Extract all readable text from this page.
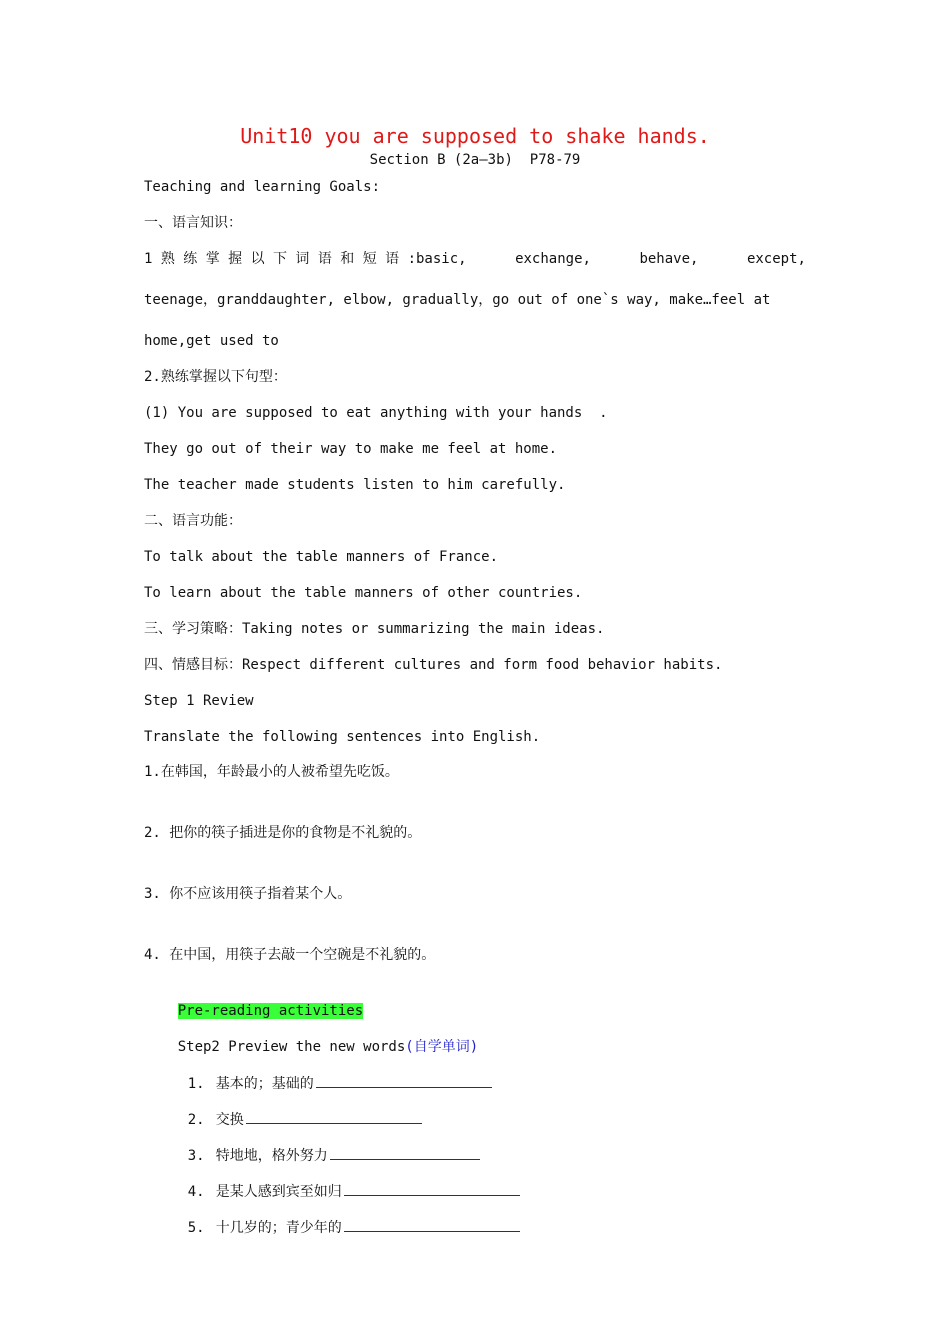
Unit10 you are supposed to shake hands.
Section B (2a—3b)  P78-79
Teaching and learning Goals:
一、语言知识：
1 熟 练 掌 握 以 下 词 语 和 短 语 :basic,	exchange,	behave,	except,
teenage，granddaughter, elbow, gradually，go out of one`s way, make…feel at
home,get used to
2.熟练掌握以下句型：
(1) You are supposed to eat anything with your hands  .
They go out of their way to make me feel at home.
The teacher made students listen to him carefully.
二、语言功能：
To talk about the table manners of France.
To learn about the table manners of other countries.
三、学习策略：Taking notes or summarizing the main ideas.
四、情感目标：Respect different cultures and form food behavior habits.
Step 1 Review
Translate the following sentences into English.
1.在韩国，年龄最小的人被希望先吃饭。
2. 把你的筷子插进是你的食物是不礼貌的。
3. 你不应该用筷子指着某个人。
4. 在中国，用筷子去敲一个空碗是不礼貌的。

Pre-reading activities

Step2 Preview the new words(自学单词)

1. 基本的；基础的

2. 交换

3. 特地地，格外努力

4. 是某人感到宾至如归

5. 十几岁的；青少年的
